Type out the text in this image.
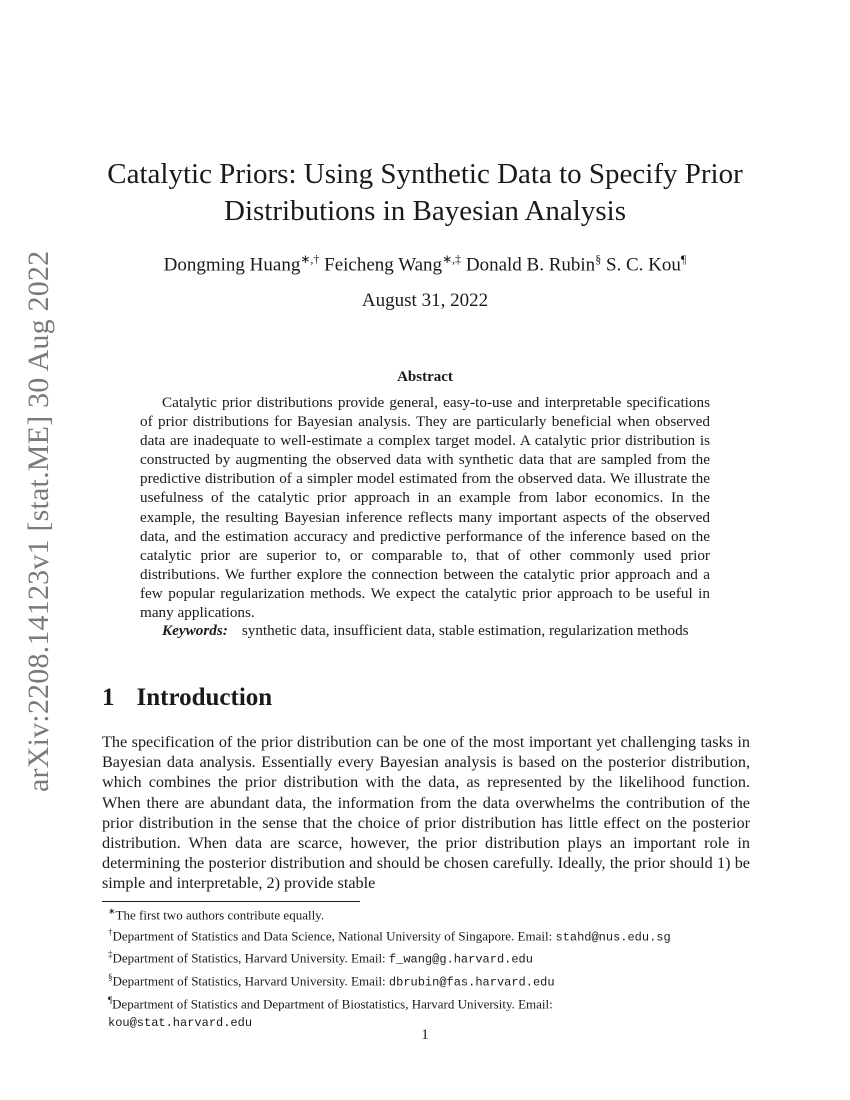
arXiv:2208.14123v1 [stat.ME] 30 Aug 2022
Catalytic Priors: Using Synthetic Data to Specify Prior Distributions in Bayesian Analysis
Dongming Huang∗,† Feicheng Wang∗,‡ Donald B. Rubin§ S. C. Kou¶
August 31, 2022
Abstract

Catalytic prior distributions provide general, easy-to-use and interpretable specifications of prior distributions for Bayesian analysis. They are particularly beneficial when observed data are inadequate to well-estimate a complex target model. A catalytic prior distribution is constructed by augmenting the observed data with synthetic data that are sampled from the predictive distribution of a simpler model estimated from the observed data. We illustrate the usefulness of the catalytic prior approach in an example from labor economics. In the example, the resulting Bayesian inference reflects many important aspects of the observed data, and the estimation accuracy and predictive performance of the inference based on the catalytic prior are superior to, or comparable to, that of other commonly used prior distributions. We further explore the connection between the catalytic prior approach and a few popular regularization methods. We expect the catalytic prior approach to be useful in many applications.

Keywords: synthetic data, insufficient data, stable estimation, regularization methods

1 Introduction

The specification of the prior distribution can be one of the most important yet challenging tasks in Bayesian data analysis. Essentially every Bayesian analysis is based on the posterior distribution, which combines the prior distribution with the data, as represented by the likelihood function. When there are abundant data, the information from the data overwhelms the contribution of the prior distribution in the sense that the choice of prior distribution has little effect on the posterior distribution. When data are scarce, however, the prior distribution plays an important role in determining the posterior distribution and should be chosen carefully. Ideally, the prior should 1) be simple and interpretable, 2) provide stable

∗The first two authors contribute equally.

†Department of Statistics and Data Science, National University of Singapore. Email: stahd@nus.edu.sg

‡Department of Statistics, Harvard University. Email: f_wang@g.harvard.edu

§Department of Statistics, Harvard University. Email: dbrubin@fas.harvard.edu

¶Department of Statistics and Department of Biostatistics, Harvard University. Email:
kou@stat.harvard.edu

1
